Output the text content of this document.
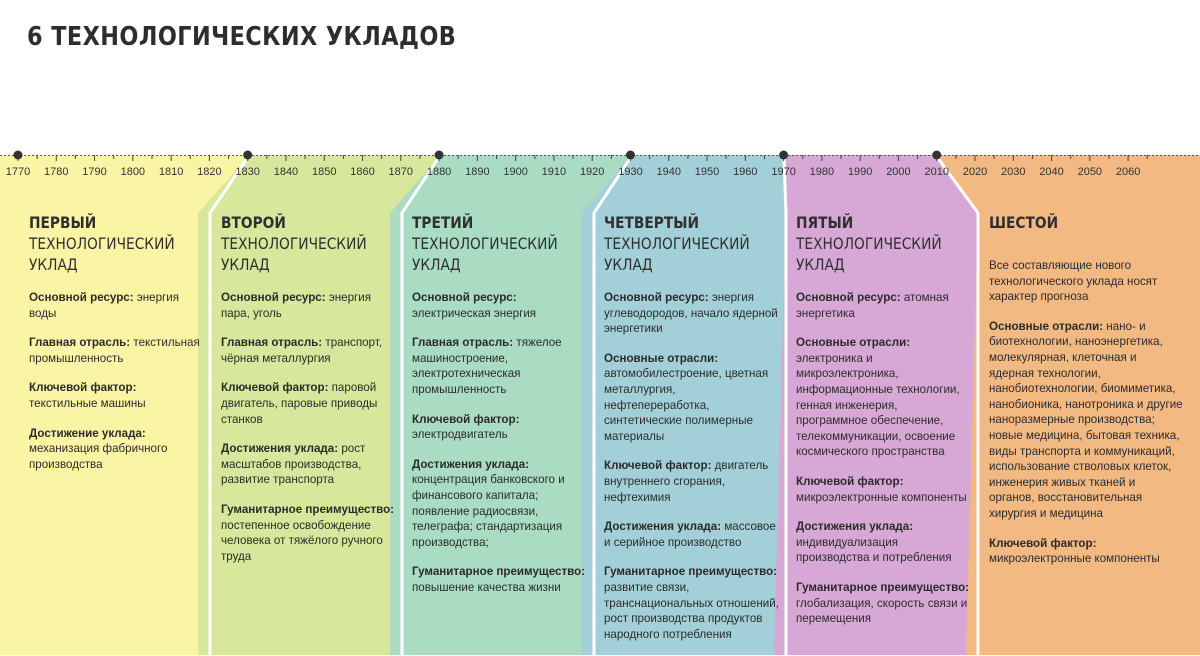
6 ТЕХНОЛОГИЧЕСКИХ УКЛАДОВ
1770	1780	1790	1800	1810	1820	1830	1840	1850	1860	1870	1880	1890	1900	1910	1920	1930	1940	1950	1960	1970	1980	1990	2000	2010	2020	2030	2040	2050	2060
ПЕРВЫЙ
ТЕХНОЛОГИЧЕСКИЙ
УКЛАД

Основной ресурс: энергия воды

Главная отрасль: текстильная промышленность

Ключевой фактор: текстильные машины

Достижение уклада: механизация фабричного производства

ВТОРОЙ
ТЕХНОЛОГИЧЕСКИЙ
УКЛАД

Основной ресурс: энергия пара, уголь

Главная отрасль: транспорт, чёрная металлургия

Ключевой фактор: паровой двигатель, паровые приводы станков

Достижения уклада: рост масштабов производства, развитие транспорта

Гуманитарное преимущество: постепенное освобождение человека от тяжёлого ручного труда

ТРЕТИЙ
ТЕХНОЛОГИЧЕСКИЙ
УКЛАД

Основной ресурс: электрическая энергия

Главная отрасль: тяжелое машиностроение, электротехническая промышленность

Ключевой фактор: электродвигатель

Достижения уклада: концентрация банковского и финансового капитала; появление радиосвязи, телеграфа; стандартизация производства;

Гуманитарное преимущество: повышение качества жизни

ЧЕТВЕРТЫЙ
ТЕХНОЛОГИЧЕСКИЙ
УКЛАД

Основной ресурс: энергия углеводородов, начало ядерной энергетики

Основные отрасли: автомобилестроение, цветная металлургия, нефтепереработка, синтетические полимерные материалы

Ключевой фактор: двигатель внутреннего сгорания, нефтехимия

Достижения уклада: массовое и серийное производство

Гуманитарное преимущество: развитие связи, транснациональных отношений, рост производства продуктов народного потребления

ПЯТЫЙ
ТЕХНОЛОГИЧЕСКИЙ
УКЛАД

Основной ресурс: атомная энергетика

Основные отрасли: электроника и микроэлектроника, информационные технологии, генная инженерия, программное обеспечение, телекоммуникации, освоение космического пространства

Ключевой фактор: микроэлектронные компоненты

Достижения уклада: индивидуализация производства и потребления

Гуманитарное преимущество: глобализация, скорость связи и перемещения

ШЕСТОЙ

Все составляющие нового технологического уклада носят характер прогноза

Основные отрасли: нано- и биотехнологии, наноэнергетика, молекулярная, клеточная и ядерная технологии, нанобиотехнологии, биомиметика, нанобионика, нанотроника и другие наноразмерные производства; новые медицина, бытовая техника, виды транспорта и коммуникаций, использование стволовых клеток, инженерия живых тканей и органов, восстановительная хирургия и медицина

Ключевой фактор: микроэлектронные компоненты
